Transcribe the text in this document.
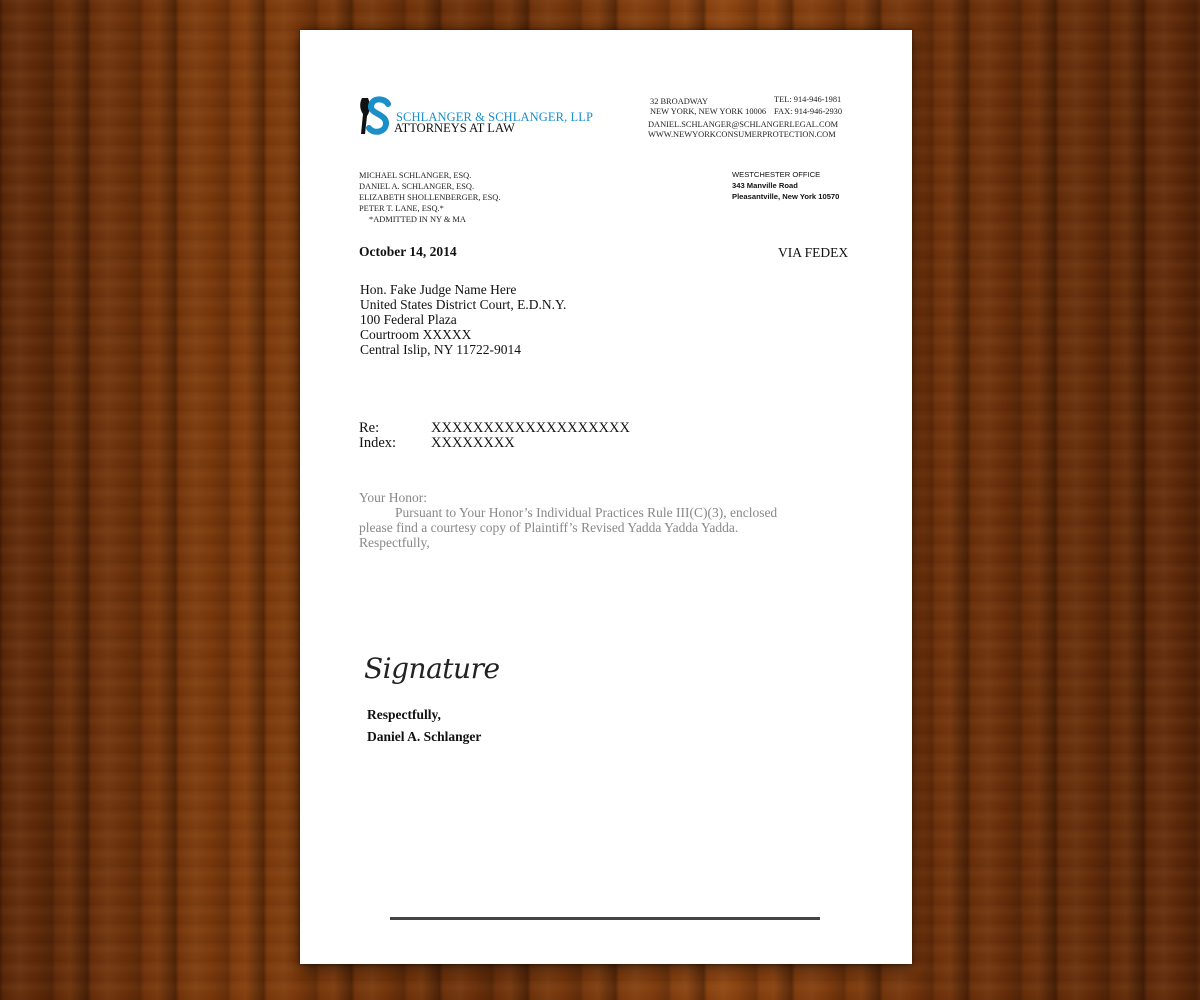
SCHLANGER & SCHLANGER, LLP
ATTORNEYS AT LAW
32 BROADWAY
NEW YORK, NEW YORK 10006
TEL: 914-946-1981
FAX: 914-946-2930
DANIEL.SCHLANGER@SCHLANGERLEGAL.COM
WWW.NEWYORKCONSUMERPROTECTION.COM
MICHAEL SCHLANGER, ESQ.
DANIEL A. SCHLANGER, ESQ.
ELIZABETH SHOLLENBERGER, ESQ.
PETER T. LANE, ESQ.*
*ADMITTED IN NY & MA
WESTCHESTER OFFICE
343 Manville Road
Pleasantville, New York 10570
October 14, 2014	VIA FEDEX
Hon. Fake Judge Name Here
United States District Court, E.D.N.Y.
100 Federal Plaza
Courtroom XXXXX
Central Islip, NY 11722-9014
Re:	XXXXXXXXXXXXXXXXXXX
Index: XXXXXXXX
Your Honor:
Pursuant to Your Honor’s Individual Practices Rule III(C)(3), enclosed
please find a courtesy copy of Plaintiff’s Revised Yadda Yadda Yadda.
Respectfully,
Signature
Respectfully,
Daniel A. Schlanger
